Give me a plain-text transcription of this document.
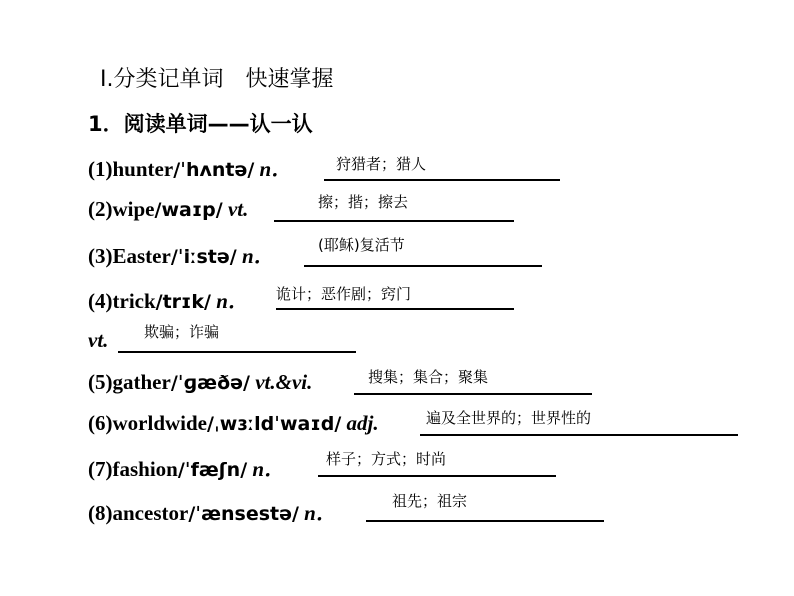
Ⅰ.分类记单词　快速掌握
1．阅读单词——认一认
(1)hunter/ˈhʌntə/ n．	狩猎者；猎人
(2)wipe/waɪp/ vt.	擦；揩；擦去
(3)Easter/ˈiːstə/ n．	(耶稣)复活节
(4)trick/trɪk/ n． 诡计；恶作剧；窍门
vt. 欺骗；诈骗
(5)gather/ˈɡæðə/ vt.&vi.	搜集；集合；聚集
(6)worldwide/ˌwɜːldˈwaɪd/ adj.	遍及全世界的；世界性的
(7)fashion/ˈfæʃn/ n．	样子；方式；时尚
(8)ancestor/ˈænsestə/ n．	祖先；祖宗
